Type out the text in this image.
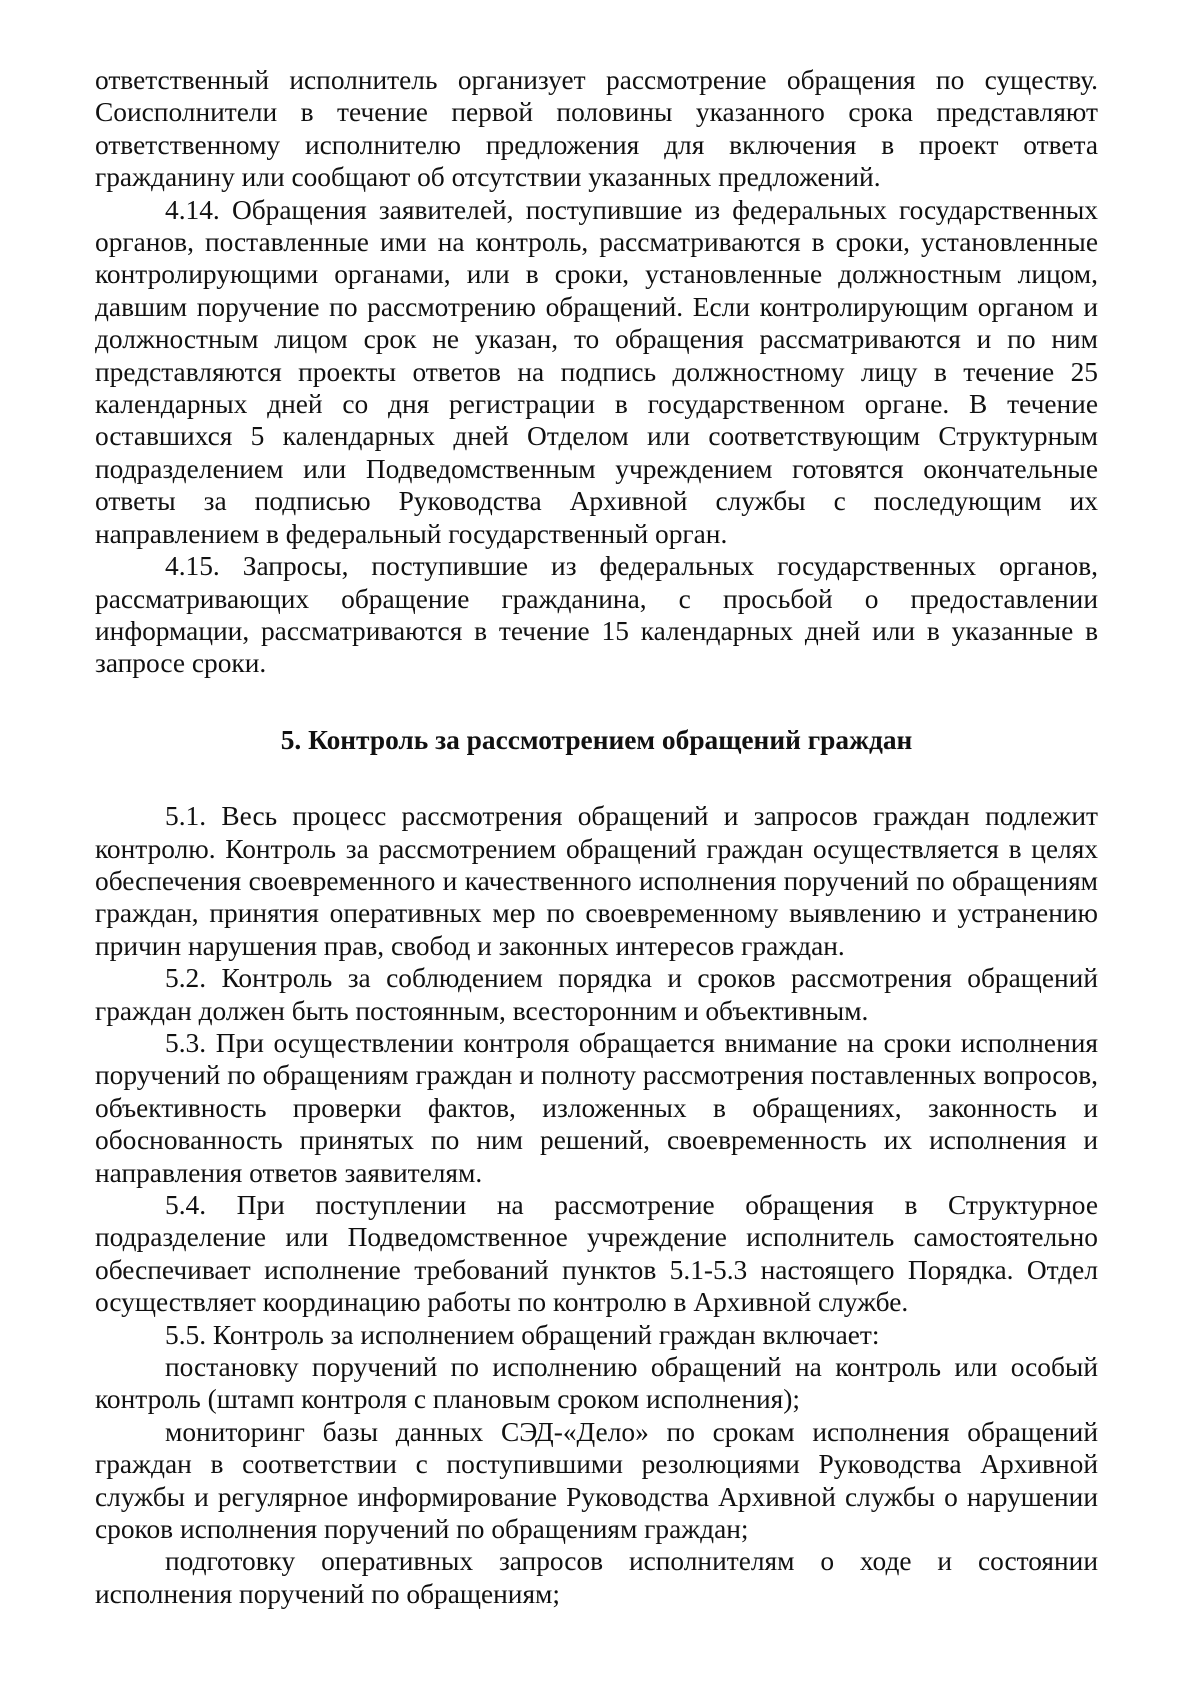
ответственный исполнитель организует рассмотрение обращения по существу. Соисполнители в течение первой половины указанного срока представляют ответственному исполнителю предложения для включения в проект ответа гражданину или сообщают об отсутствии указанных предложений.

4.14. Обращения заявителей, поступившие из федеральных государственных органов, поставленные ими на контроль, рассматриваются в сроки, установленные контролирующими органами, или в сроки, установленные должностным лицом, давшим поручение по рассмотрению обращений. Если контролирующим органом и должностным лицом срок не указан, то обращения рассматриваются и по ним представляются проекты ответов на подпись должностному лицу в течение 25 календарных дней со дня регистрации в государственном органе. В течение оставшихся 5 календарных дней Отделом или соответствующим Структурным подразделением или Подведомственным учреждением готовятся окончательные ответы за подписью Руководства Архивной службы с последующим их направлением в федеральный государственный орган.

4.15. Запросы, поступившие из федеральных государственных органов, рассматривающих обращение гражданина, с просьбой о предоставлении информации, рассматриваются в течение 15 календарных дней или в указанные в запросе сроки.

5. Контроль за рассмотрением обращений граждан

5.1. Весь процесс рассмотрения обращений и запросов граждан подлежит контролю. Контроль за рассмотрением обращений граждан осуществляется в целях обеспечения своевременного и качественного исполнения поручений по обращениям граждан, принятия оперативных мер по своевременному выявлению и устранению причин нарушения прав, свобод и законных интересов граждан.

5.2. Контроль за соблюдением порядка и сроков рассмотрения обращений граждан должен быть постоянным, всесторонним и объективным.

5.3. При осуществлении контроля обращается внимание на сроки исполнения поручений по обращениям граждан и полноту рассмотрения поставленных вопросов, объективность проверки фактов, изложенных в обращениях, законность и обоснованность принятых по ним решений, своевременность их исполнения и направления ответов заявителям.

5.4. При поступлении на рассмотрение обращения в Структурное подразделение или Подведомственное учреждение исполнитель самостоятельно обеспечивает исполнение требований пунктов 5.1-5.3 настоящего Порядка. Отдел осуществляет координацию работы по контролю в Архивной службе.

5.5. Контроль за исполнением обращений граждан включает:

постановку поручений по исполнению обращений на контроль или особый контроль (штамп контроля с плановым сроком исполнения);

мониторинг базы данных СЭД-«Дело» по срокам исполнения обращений граждан в соответствии с поступившими резолюциями Руководства Архивной службы и регулярное информирование Руководства Архивной службы о нарушении сроков исполнения поручений по обращениям граждан;

подготовку оперативных запросов исполнителям о ходе и состоянии исполнения поручений по обращениям;
